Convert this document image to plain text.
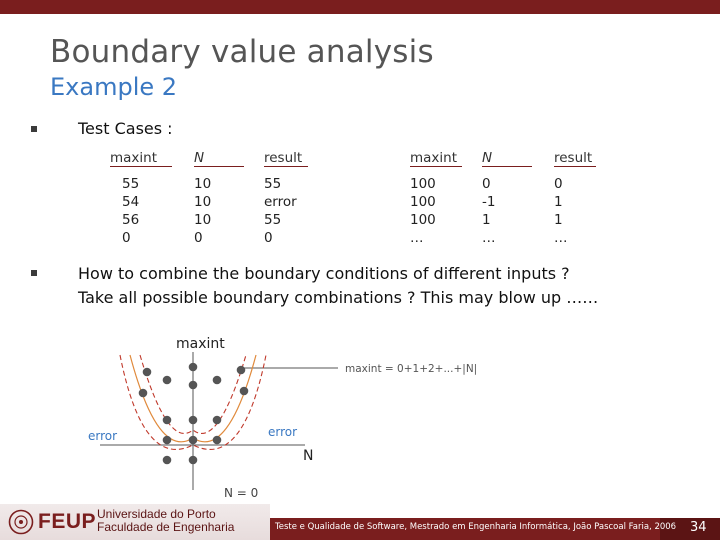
Boundary value analysis
Example 2
Test Cases :
maxint	N	result
55	10	55
54	10	error
56	10	55
0	0	0
maxint	N	result
100	0	0
100	-1	1
100	1	1
…	…	…
How to combine the boundary conditions of different inputs ?
Take all possible boundary combinations ? This may blow up ……
maxint
maxint = 0+1+2+...+|N|
error	error
N
N = 0
FEUP Universidade do Porto
Faculdade de Engenharia	Teste e Qualidade de Software, Mestrado em Engenharia Informática, João Pascoal Faria, 2006 34
